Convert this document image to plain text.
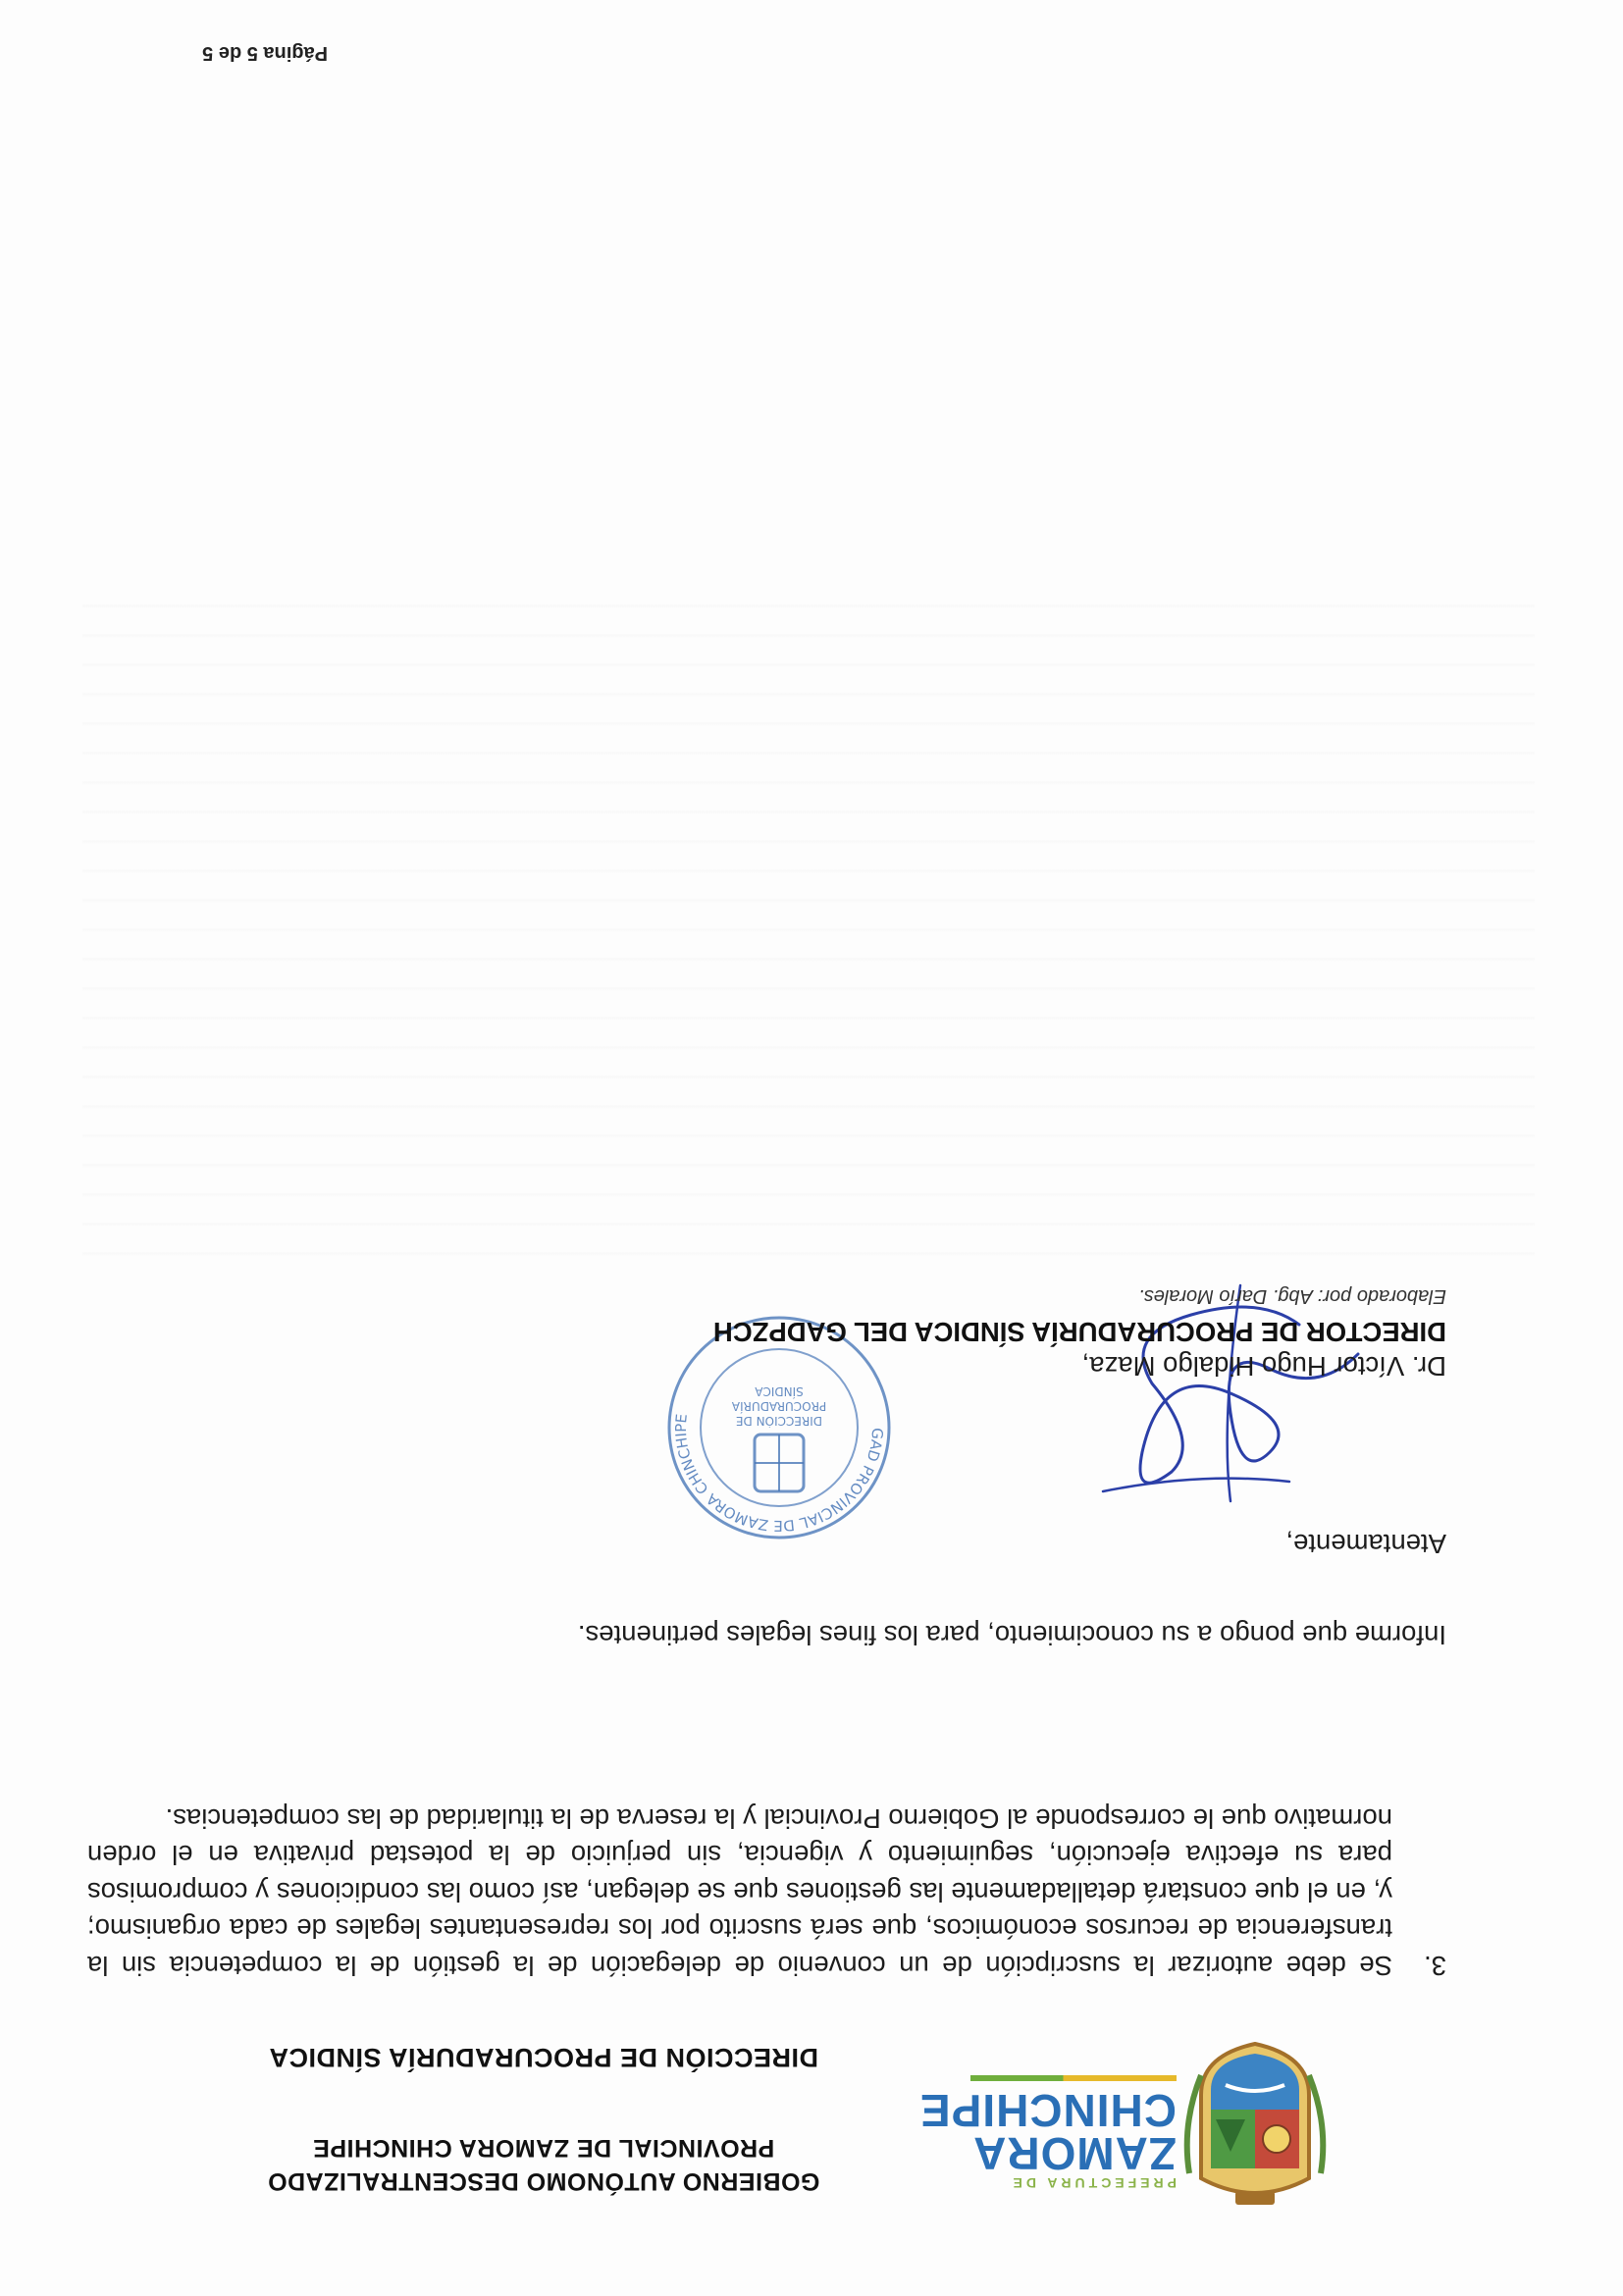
PREFECTURA DE
ZAMORA
CHINCHIPE
GOBIERNO AUTÓNOMO DESCENTRALIZADO
PROVINCIAL DE ZAMORA CHINCHIPE
DIRECCIÓN DE PROCURADURÍA SÍNDICA
3.
Se debe autorizar la suscripción de un convenio de delegación de la gestión de la competencia sin la transferencia de recursos económicos, que será suscrito por los representantes legales de cada organismo; y, en el que constará detalladamente las gestiones que se delegan, así como las condiciones y compromisos para su efectiva ejecución, seguimiento y vigencia, sin perjuicio de la potestad privativa en el orden normativo que le corresponde al Gobierno Provincial y la reserva de la titularidad de las competencias.
Informe que pongo a su conocimiento, para los fines legales pertinentes.
Atentamente,
GAD PROVINCIAL DE ZAMORA CHINCHIPE	DIRECCIÓN DE PROCURADURÍA SÍNDICA
Dr. Víctor Hugo Hidalgo Maza,
DIRECTOR DE PROCURADURÍA SÍNDICA DEL GADPZCH
Elaborado por: Abg. Darío Morales.
Página 5 de 5
